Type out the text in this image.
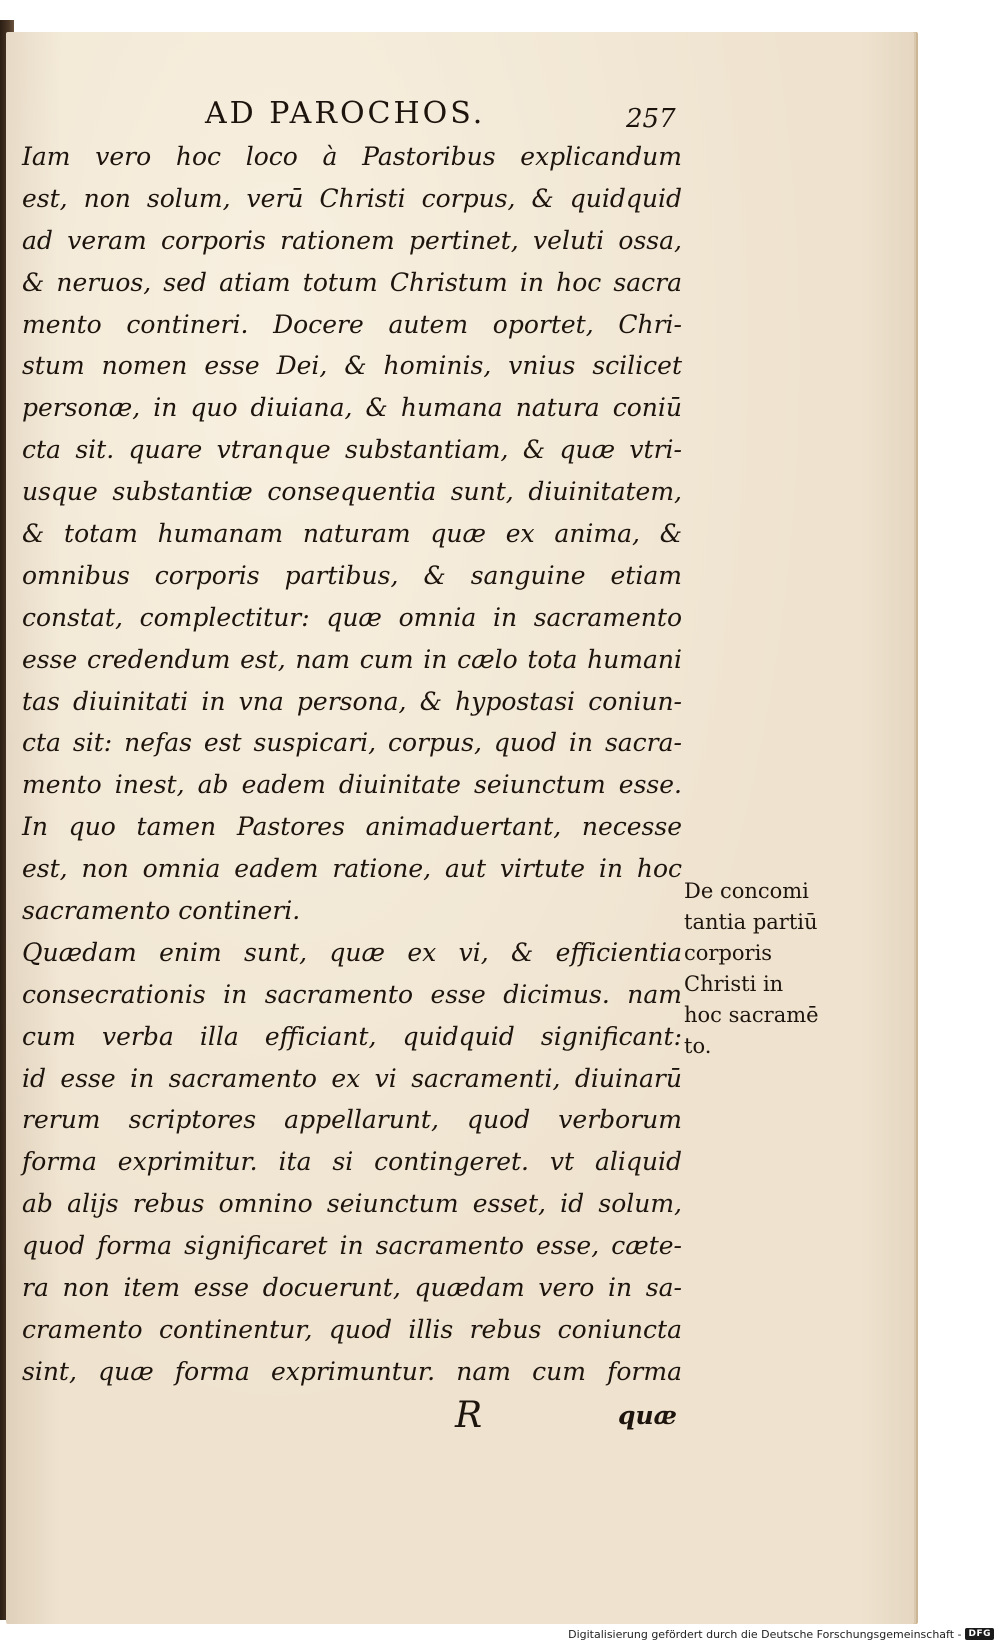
AD PAROCHOS.	257
Iam vero hoc loco à Pastoribus explicandum
est, non solum, verū Christi corpus, & quidquid
ad veram corporis rationem pertinet, veluti ossa,
& neruos, sed atiam totum Christum in hoc sacra
mento contineri. Docere autem oportet, Chri-
stum nomen esse Dei, & hominis, vnius scilicet
personæ, in quo diuiana, & humana natura coniū
cta sit. quare vtranque substantiam, & quæ vtri-
usque substantiæ consequentia sunt, diuinitatem,
& totam humanam naturam quæ ex anima, &
omnibus corporis partibus, & sanguine etiam
constat, complectitur: quæ omnia in sacramento
esse credendum est, nam cum in cælo tota humani
tas diuinitati in vna persona, & hypostasi coniun-
cta sit: nefas est suspicari, corpus, quod in sacra-
mento inest, ab eadem diuinitate seiunctum esse.
In quo tamen Pastores animaduertant, necesse
est, non omnia eadem ratione, aut virtute in hoc
sacramento contineri.
Quædam enim sunt, quæ ex vi, & efficientia
consecrationis in sacramento esse dicimus. nam
cum verba illa efficiant, quidquid significant:
id esse in sacramento ex vi sacramenti, diuinarū
rerum scriptores appellarunt, quod verborum
forma exprimitur. ita si contingeret. vt aliquid
ab alijs rebus omnino seiunctum esset, id solum,
quod forma significaret in sacramento esse, cæte-
ra non item esse docuerunt, quædam vero in sa-
cramento continentur, quod illis rebus coniuncta
sint, quæ forma exprimuntur. nam cum forma
De concomi
tantia partiū
corporis
Christi in
hoc sacramē
to.
R	quæ
Digitalisierung gefördert durch die Deutsche Forschungsgemeinschaft - DFG
